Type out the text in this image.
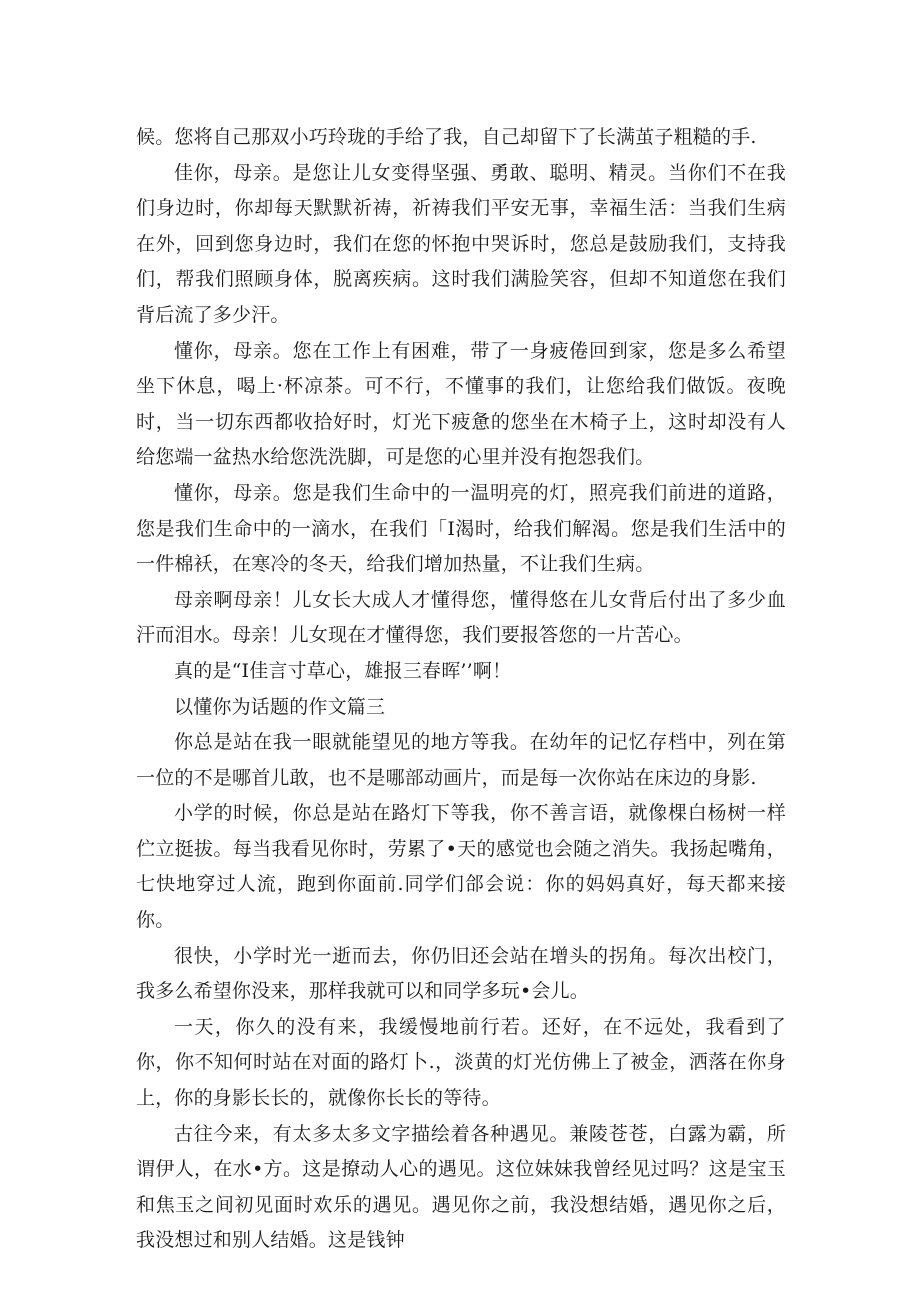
候。您将自己那双小巧玲珑的手给了我，自己却留下了长满茧子粗糙的手.

佳你，母亲。是您让儿女变得坚强、勇敢、聪明、精灵。当你们不在我们身边时，你却每天默默祈祷，祈祷我们平安无事，幸福生活：当我们生病在外，回到您身边时，我们在您的怀抱中哭诉时，您总是鼓励我们，支持我们，帮我们照顾身体，脱离疾病。这时我们满脸笑容，但却不知道您在我们背后流了多少汗。

懂你，母亲。您在工作上有困难，带了一身疲倦回到家，您是多么希望坐下休息，喝上·杯凉茶。可不行，不懂事的我们，让您给我们做饭。夜晚时，当一切东西都收拾好时，灯光下疲惫的您坐在木椅子上，这时却没有人给您端一盆热水给您洗洗脚，可是您的心里并没有抱怨我们。

懂你，母亲。您是我们生命中的一温明亮的灯，照亮我们前进的道路，您是我们生命中的一滴水，在我们「I渴时，给我们解渴。您是我们生活中的一件棉袄，在寒冷的冬天，给我们增加热量，不让我们生病。

母亲啊母亲！儿女长大成人才懂得您，懂得悠在儿女背后付出了多少血汗而泪水。母亲！儿女现在才懂得您，我们要报答您的一片苦心。

真的是“I佳言寸草心，雄报三春晖’’啊！

以懂你为话题的作文篇三

你总是站在我一眼就能望见的地方等我。在幼年的记忆存档中，列在第一位的不是哪首儿敢，也不是哪部动画片，而是每一次你站在床边的身影.

小学的时候，你总是站在路灯下等我，你不善言语，就像棵白杨树一样伫立挺拔。每当我看见你时，劳累了•天的感觉也会随之消失。我扬起嘴角，七快地穿过人流，跑到你面前.同学们郃会说：你的妈妈真好，每天都来接你。

很快，小学时光一逝而去，你仍旧还会站在增头的拐角。每次出校门，我多么希望你没来，那样我就可以和同学多玩•会儿。

一天，你久的没有来，我缓慢地前行若。还好，在不远处，我看到了你，你不知何时站在对面的路灯卜.，淡黄的灯光仿佛上了被金，洒落在你身上，你的身影长长的，就像你长长的等待。

古往今来，有太多太多文字描绘着各种遇见。兼陵苍苍，白露为霸，所谓伊人，在水•方。这是撩动人心的遇见。这位妹妹我曾经见过吗？这是宝玉和焦玉之间初见面时欢乐的遇见。遇见你之前，我没想结婚，遇见你之后，我没想过和别人结婚。这是钱钟
